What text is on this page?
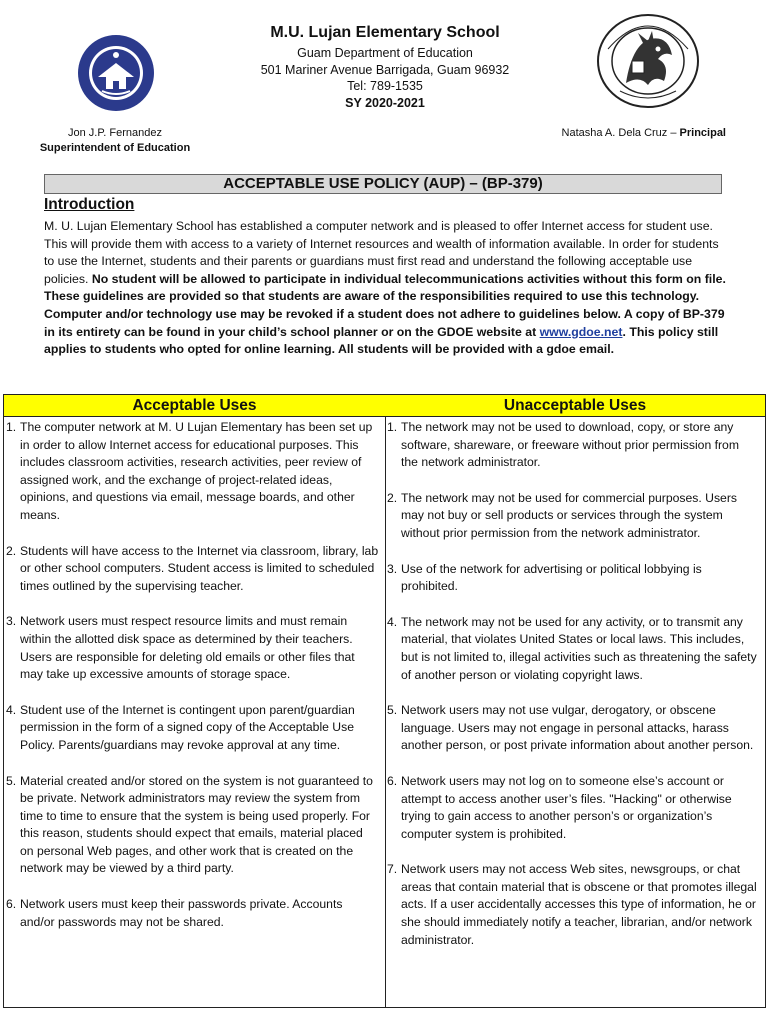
M.U. Lujan Elementary School

Guam Department of Education

501 Mariner Avenue Barrigada, Guam 96932

Tel: 789-1535

SY 2020-2021

Jon J.P. Fernandez
Superintendent of Education
Natasha A. Dela Cruz – Principal
ACCEPTABLE USE POLICY (AUP) – (BP-379)
Introduction
M. U. Lujan Elementary School has established a computer network and is pleased to offer Internet access for student use. This will provide them with access to a variety of Internet resources and wealth of information available. In order for students to use the Internet, students and their parents or guardians must first read and understand the following acceptable use policies. No student will be allowed to participate in individual telecommunications activities without this form on file. These guidelines are provided so that students are aware of the responsibilities required to use this technology. Computer and/or technology use may be revoked if a student does not adhere to guidelines below. A copy of BP-379 in its entirety can be found in your child’s school planner or on the GDOE website at www.gdoe.net. This policy still applies to students who opted for online learning. All students will be provided with a gdoe email.
Acceptable Uses
1. The computer network at M. U Lujan Elementary has been set up in order to allow Internet access for educational purposes. This includes classroom activities, research activities, peer review of assigned work, and the exchange of project-related ideas, opinions, and questions via email, message boards, and other means.
2. Students will have access to the Internet via classroom, library, lab or other school computers. Student access is limited to scheduled times outlined by the supervising teacher.
3. Network users must respect resource limits and must remain within the allotted disk space as determined by their teachers. Users are responsible for deleting old emails or other files that may take up excessive amounts of storage space.
4. Student use of the Internet is contingent upon parent/guardian permission in the form of a signed copy of the Acceptable Use Policy. Parents/guardians may revoke approval at any time.
5. Material created and/or stored on the system is not guaranteed to be private. Network administrators may review the system from time to time to ensure that the system is being used properly. For this reason, students should expect that emails, material placed on personal Web pages, and other work that is created on the network may be viewed by a third party.
6. Network users must keep their passwords private. Accounts and/or passwords may not be shared.
Unacceptable Uses
1. The network may not be used to download, copy, or store any software, shareware, or freeware without prior permission from the network administrator.
2. The network may not be used for commercial purposes. Users may not buy or sell products or services through the system without prior permission from the network administrator.
3. Use of the network for advertising or political lobbying is prohibited.
4. The network may not be used for any activity, or to transmit any material, that violates United States or local laws. This includes, but is not limited to, illegal activities such as threatening the safety of another person or violating copyright laws.
5. Network users may not use vulgar, derogatory, or obscene language. Users may not engage in personal attacks, harass another person, or post private information about another person.
6. Network users may not log on to someone else’s account or attempt to access another user’s files. "Hacking" or otherwise trying to gain access to another person’s or organization’s computer system is prohibited.
7. Network users may not access Web sites, newsgroups, or chat areas that contain material that is obscene or that promotes illegal acts. If a user accidentally accesses this type of information, he or she should immediately notify a teacher, librarian, and/or network administrator.
